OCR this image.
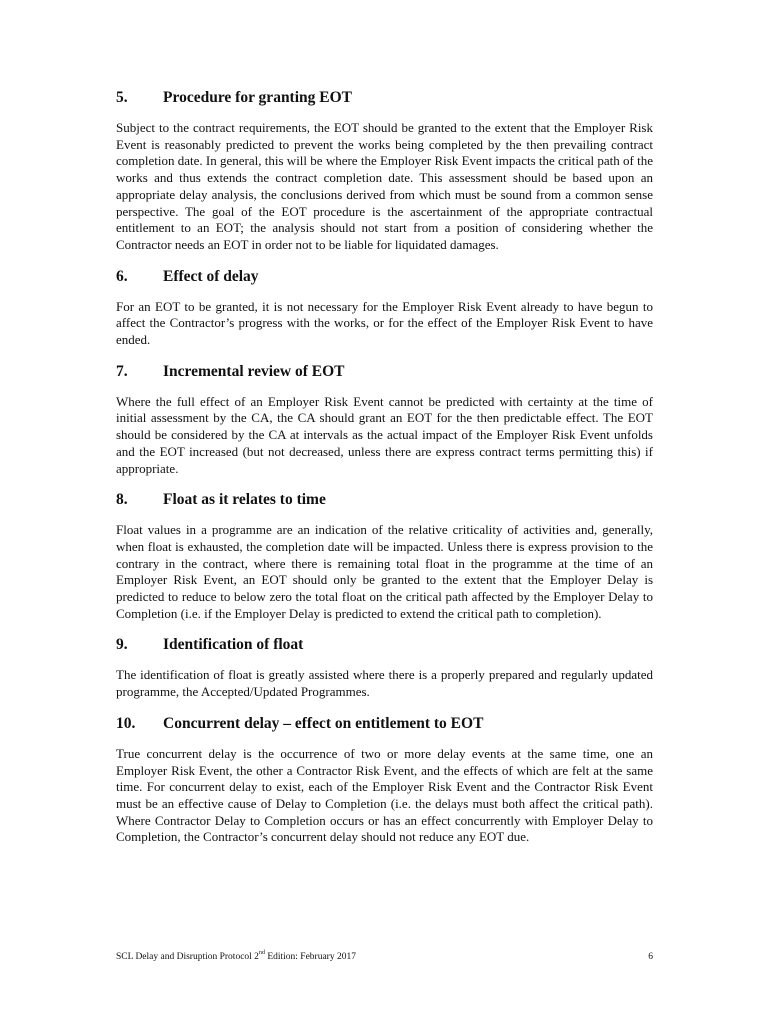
5.	Procedure for granting EOT

Subject to the contract requirements, the EOT should be granted to the extent that the Employer Risk Event is reasonably predicted to prevent the works being completed by the then prevailing contract completion date. In general, this will be where the Employer Risk Event impacts the critical path of the works and thus extends the contract completion date. This assessment should be based upon an appropriate delay analysis, the conclusions derived from which must be sound from a common sense perspective. The goal of the EOT procedure is the ascertainment of the appropriate contractual entitlement to an EOT; the analysis should not start from a position of considering whether the Contractor needs an EOT in order not to be liable for liquidated damages.

6.	Effect of delay

For an EOT to be granted, it is not necessary for the Employer Risk Event already to have begun to affect the Contractor’s progress with the works, or for the effect of the Employer Risk Event to have ended.

7.	Incremental review of EOT

Where the full effect of an Employer Risk Event cannot be predicted with certainty at the time of initial assessment by the CA, the CA should grant an EOT for the then predictable effect. The EOT should be considered by the CA at intervals as the actual impact of the Employer Risk Event unfolds and the EOT increased (but not decreased, unless there are express contract terms permitting this) if appropriate.

8.	Float as it relates to time

Float values in a programme are an indication of the relative criticality of activities and, generally, when float is exhausted, the completion date will be impacted. Unless there is express provision to the contrary in the contract, where there is remaining total float in the programme at the time of an Employer Risk Event, an EOT should only be granted to the extent that the Employer Delay is predicted to reduce to below zero the total float on the critical path affected by the Employer Delay to Completion (i.e. if the Employer Delay is predicted to extend the critical path to completion).

9.	Identification of float

The identification of float is greatly assisted where there is a properly prepared and regularly updated programme, the Accepted/Updated Programmes.

10.	Concurrent delay – effect on entitlement to EOT

True concurrent delay is the occurrence of two or more delay events at the same time, one an Employer Risk Event, the other a Contractor Risk Event, and the effects of which are felt at the same time. For concurrent delay to exist, each of the Employer Risk Event and the Contractor Risk Event must be an effective cause of Delay to Completion (i.e. the delays must both affect the critical path). Where Contractor Delay to Completion occurs or has an effect concurrently with Employer Delay to Completion, the Contractor’s concurrent delay should not reduce any EOT due.

SCL Delay and Disruption Protocol 2nd Edition: February 2017	6
